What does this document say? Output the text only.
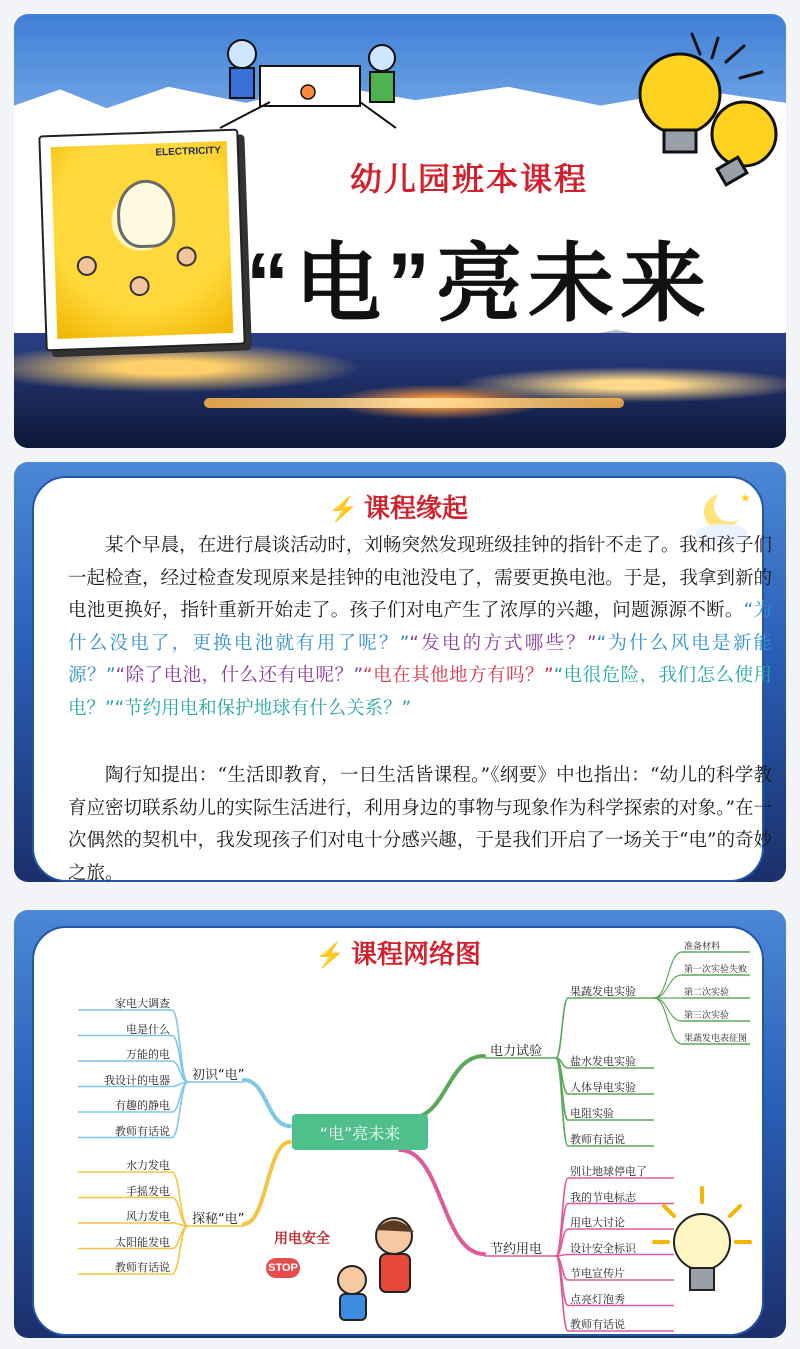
ELECTRICITY
幼儿园班本课程
“电”亮未来
⚡ 课程缘起	★

某个早晨，在进行晨谈活动时，刘畅突然发现班级挂钟的指针不走了。我和孩子们一起检查，经过检查发现原来是挂钟的电池没电了，需要更换电池。于是，我拿到新的电池更换好，指针重新开始走了。孩子们对电产生了浓厚的兴趣，问题源源不断。“为什么没电了，更换电池就有用了呢？”“发电的方式哪些？”“为什么风电是新能源？”“除了电池，什么还有电呢？”“电在其他地方有吗？”“电很危险，我们怎么使用电？”“节约用电和保护地球有什么关系？”

陶行知提出：“生活即教育，一日生活皆课程。”《纲要》中也指出：“幼儿的科学教育应密切联系幼儿的实际生活进行，利用身边的事物与现象作为科学探索的对象。”在一次偶然的契机中，我发现孩子们对电十分感兴趣，于是我们开启了一场关于“电”的奇妙之旅。

⚡ 课程网络图
“电”亮未来
初识“电”
家电大调查
电是什么
万能的电
我设计的电器
有趣的静电
教师有话说
探秘“电”
水力发电
手摇发电
风力发电
太阳能发电
教师有话说
电力试验
果蔬发电实验
盐水发电实验
人体导电实验
电阻实验
教师有话说
准备材料
第一次实验失败
第二次实验
第三次实验
果蔬发电表征图
节约用电
别让地球停电了
我的节电标志
用电大讨论
设计安全标识
节电宣传片
点亮灯泡秀
教师有话说
用电安全
STOP
